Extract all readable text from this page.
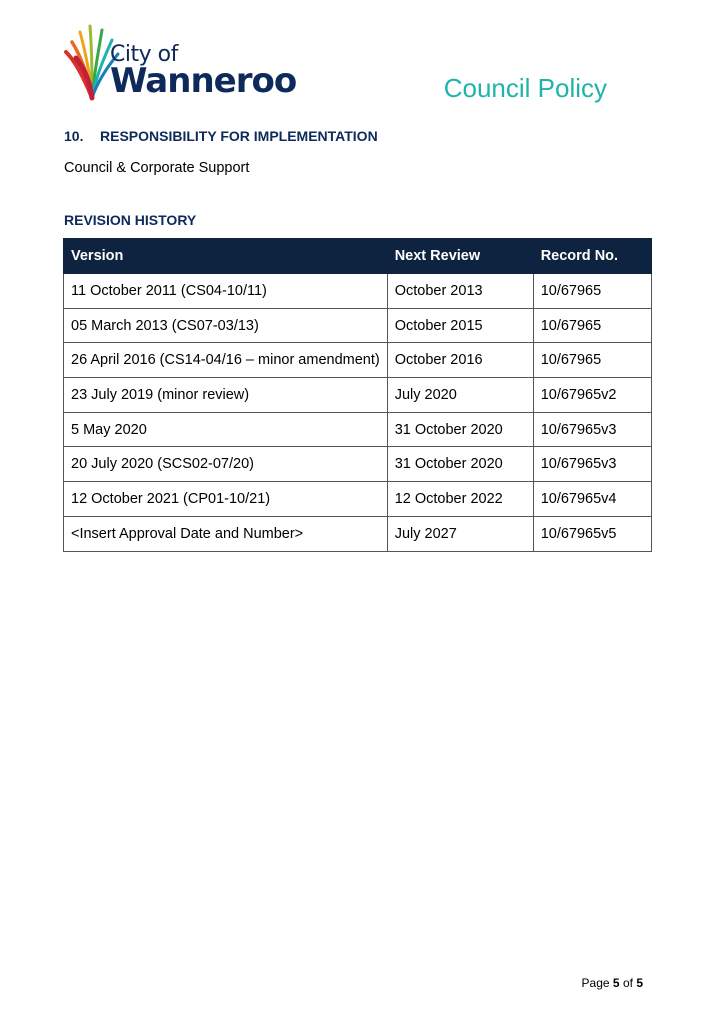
City of
Wanneroo	Council Policy
10. RESPONSIBILITY FOR IMPLEMENTATION
Council & Corporate Support
REVISION HISTORY
Version	Next Review	Record No.
11 October 2011 (CS04-10/11)	October 2013	10/67965
05 March 2013 (CS07-03/13)	October 2015	10/67965
26 April 2016 (CS14-04/16 – minor amendment)	October 2016	10/67965
23 July 2019 (minor review)	July 2020	10/67965v2
5 May 2020	31 October 2020	10/67965v3
20 July 2020 (SCS02-07/20)	31 October 2020	10/67965v3
12 October 2021 (CP01-10/21)	12 October 2022	10/67965v4
<Insert Approval Date and Number>	July 2027	10/67965v5
Page 5 of 5
